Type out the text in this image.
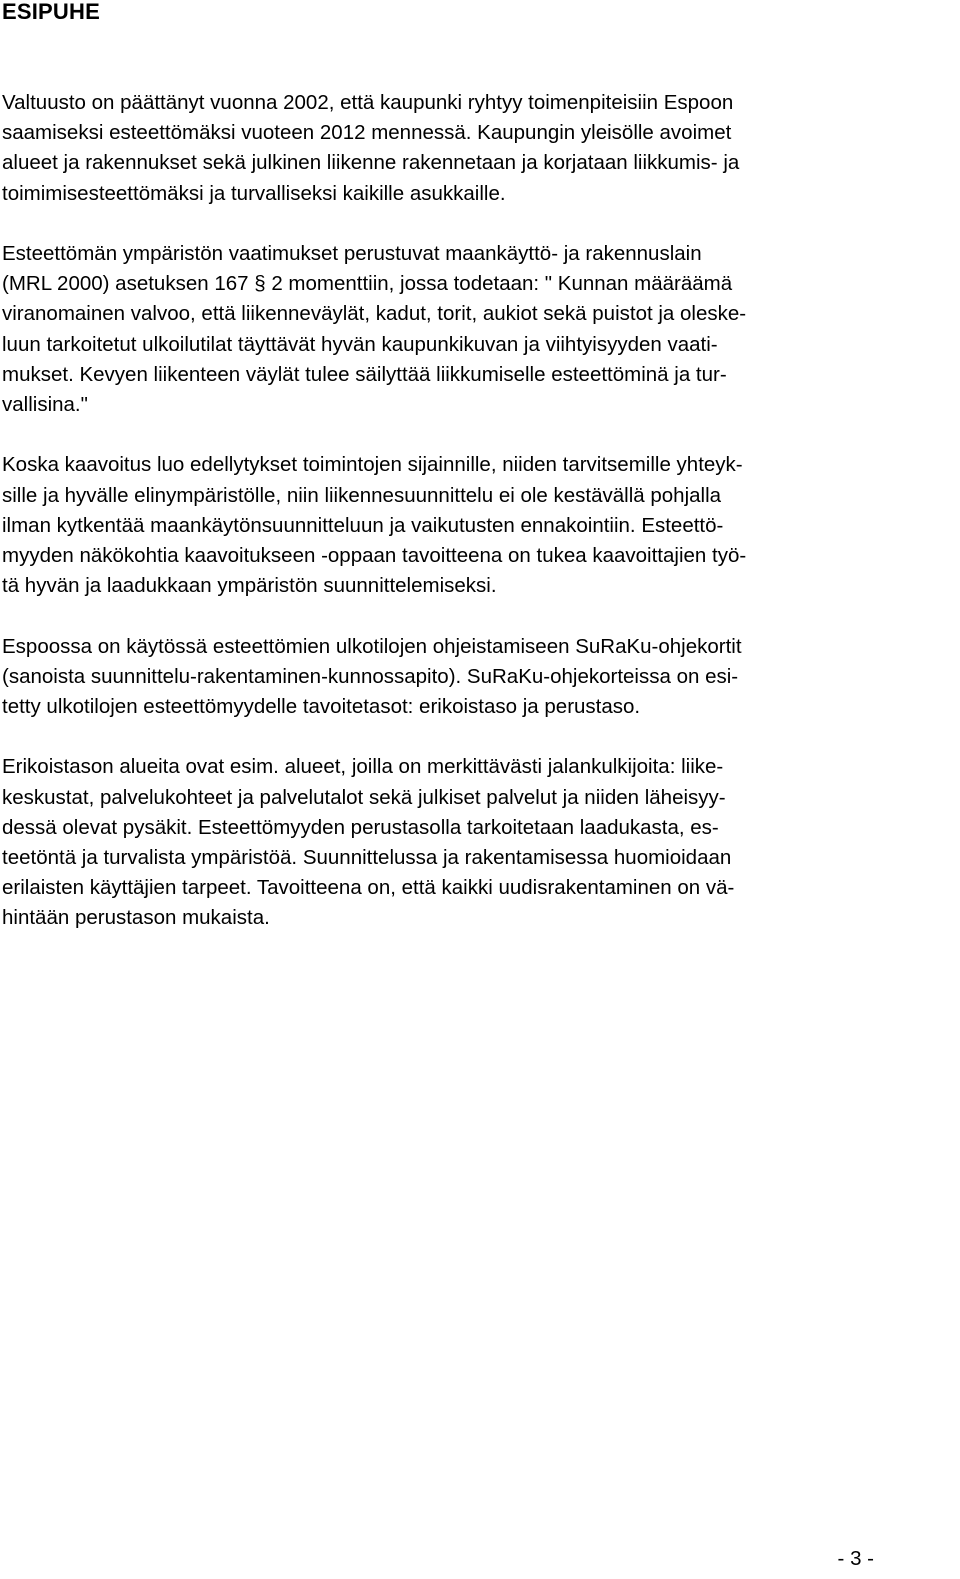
ESIPUHE

Valtuusto on päättänyt vuonna 2002, että kaupunki ryhtyy toimenpiteisiin Espoon
saamiseksi esteettömäksi vuoteen 2012 mennessä. Kaupungin yleisölle avoimet
alueet ja rakennukset sekä julkinen liikenne rakennetaan ja korjataan liikkumis- ja
toimimisesteettömäksi ja turvalliseksi kaikille asukkaille.

Esteettömän ympäristön vaatimukset perustuvat maankäyttö- ja rakennuslain
(MRL 2000) asetuksen 167 § 2 momenttiin, jossa todetaan: " Kunnan määräämä
viranomainen valvoo, että liikenneväylät, kadut, torit, aukiot sekä puistot ja oleske-
luun tarkoitetut ulkoilutilat täyttävät hyvän kaupunkikuvan ja viihtyisyyden vaati-
mukset. Kevyen liikenteen väylät tulee säilyttää liikkumiselle esteettöminä ja tur-
vallisina."

Koska kaavoitus luo edellytykset toimintojen sijainnille, niiden tarvitsemille yhteyk-
sille ja hyvälle elinympäristölle, niin liikennesuunnittelu ei ole kestävällä pohjalla
ilman kytkentää maankäytönsuunnitteluun ja vaikutusten ennakointiin. Esteettö-
myyden näkökohtia kaavoitukseen -oppaan tavoitteena on tukea kaavoittajien työ-
tä hyvän ja laadukkaan ympäristön suunnittelemiseksi.

Espoossa on käytössä esteettömien ulkotilojen ohjeistamiseen SuRaKu-ohjekortit
(sanoista suunnittelu-rakentaminen-kunnossapito). SuRaKu-ohjekorteissa on esi-
tetty ulkotilojen esteettömyydelle tavoitetasot: erikoistaso ja perustaso.

Erikoistason alueita ovat esim. alueet, joilla on merkittävästi jalankulkijoita: liike-
keskustat, palvelukohteet ja palvelutalot sekä julkiset palvelut ja niiden läheisyy-
dessä olevat pysäkit. Esteettömyyden perustasolla tarkoitetaan laadukasta, es-
teetöntä ja turvalista ympäristöä. Suunnittelussa ja rakentamisessa huomioidaan
erilaisten käyttäjien tarpeet. Tavoitteena on, että kaikki uudisrakentaminen on vä-
hintään perustason mukaista.

- 3 -
